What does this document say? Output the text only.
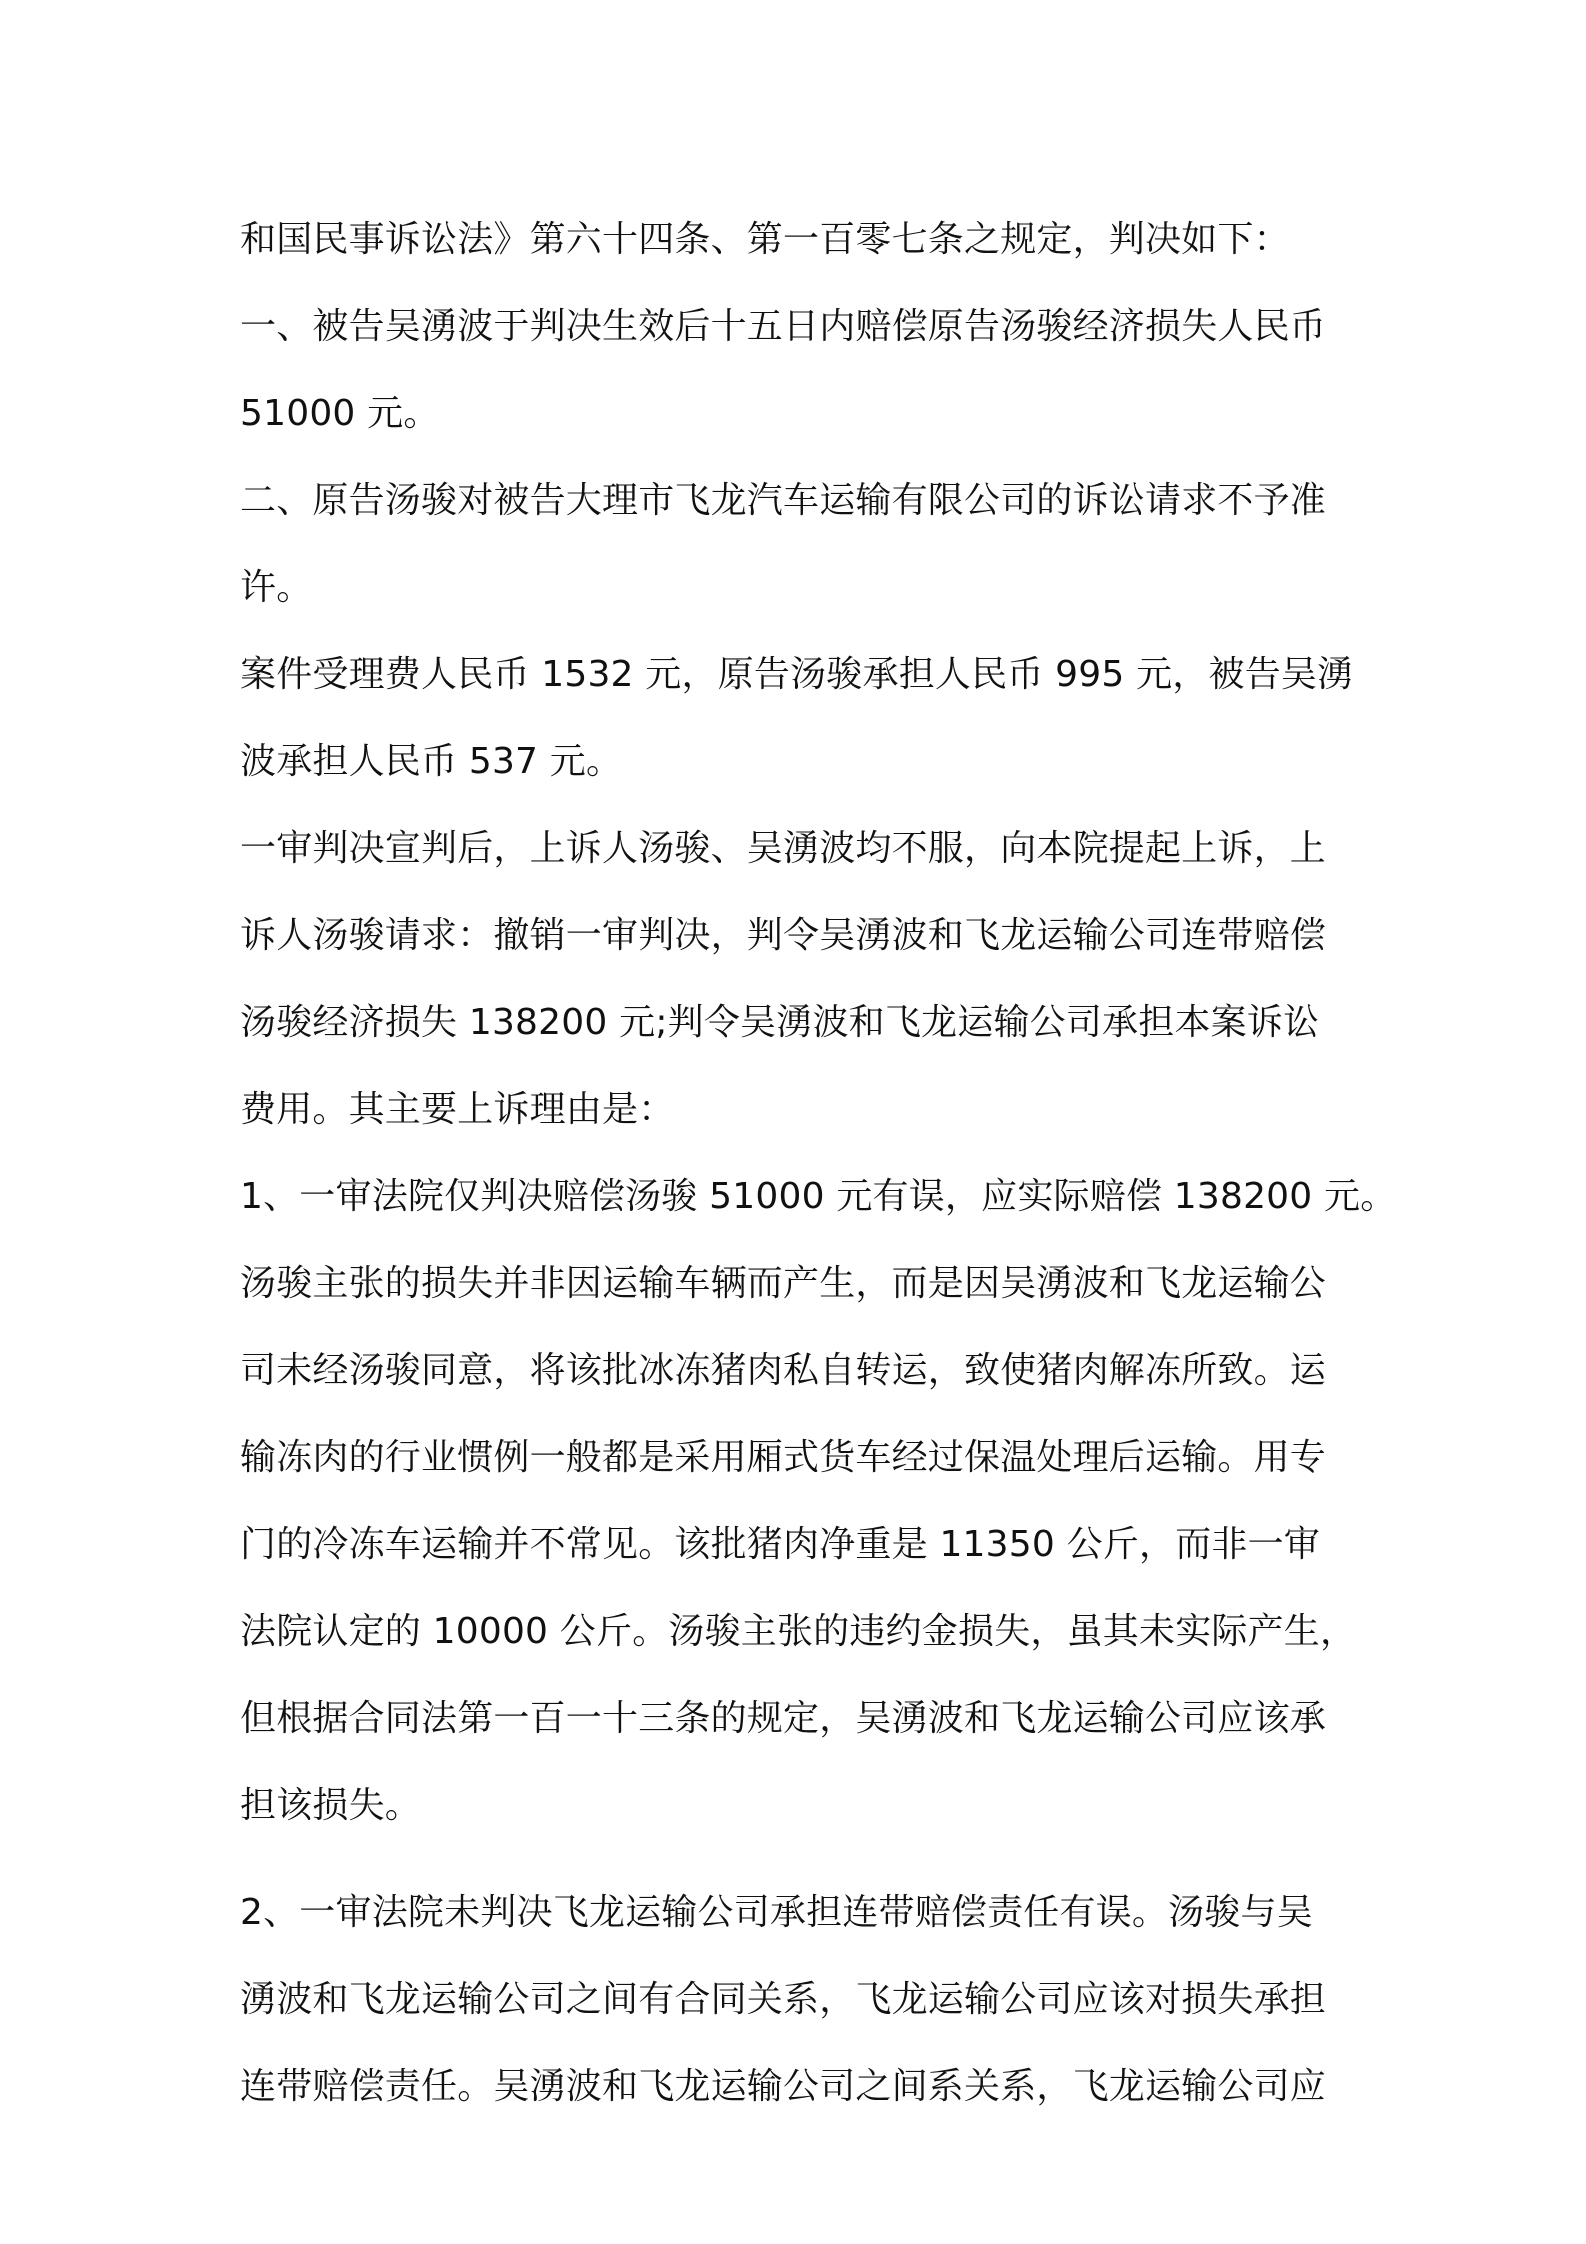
和国民事诉讼法》第六十四条、第一百零七条之规定，判决如下：
一、被告吴湧波于判决生效后十五日内赔偿原告汤骏经济损失人民币
51000 元。
二、原告汤骏对被告大理市飞龙汽车运输有限公司的诉讼请求不予准
许。
案件受理费人民币 1532 元，原告汤骏承担人民币 995 元，被告吴湧
波承担人民币 537 元。
一审判决宣判后，上诉人汤骏、吴湧波均不服，向本院提起上诉，上
诉人汤骏请求：撤销一审判决，判令吴湧波和飞龙运输公司连带赔偿
汤骏经济损失 138200 元;判令吴湧波和飞龙运输公司承担本案诉讼
费用。其主要上诉理由是：
1、一审法院仅判决赔偿汤骏 51000 元有误，应实际赔偿 138200 元。
汤骏主张的损失并非因运输车辆而产生，而是因吴湧波和飞龙运输公
司未经汤骏同意，将该批冰冻猪肉私自转运，致使猪肉解冻所致。运
输冻肉的行业惯例一般都是采用厢式货车经过保温处理后运输。用专
门的冷冻车运输并不常见。该批猪肉净重是 11350 公斤，而非一审
法院认定的 10000 公斤。汤骏主张的违约金损失，虽其未实际产生，
但根据合同法第一百一十三条的规定，吴湧波和飞龙运输公司应该承
担该损失。
2、一审法院未判决飞龙运输公司承担连带赔偿责任有误。汤骏与吴
湧波和飞龙运输公司之间有合同关系，飞龙运输公司应该对损失承担
连带赔偿责任。吴湧波和飞龙运输公司之间系关系，飞龙运输公司应
